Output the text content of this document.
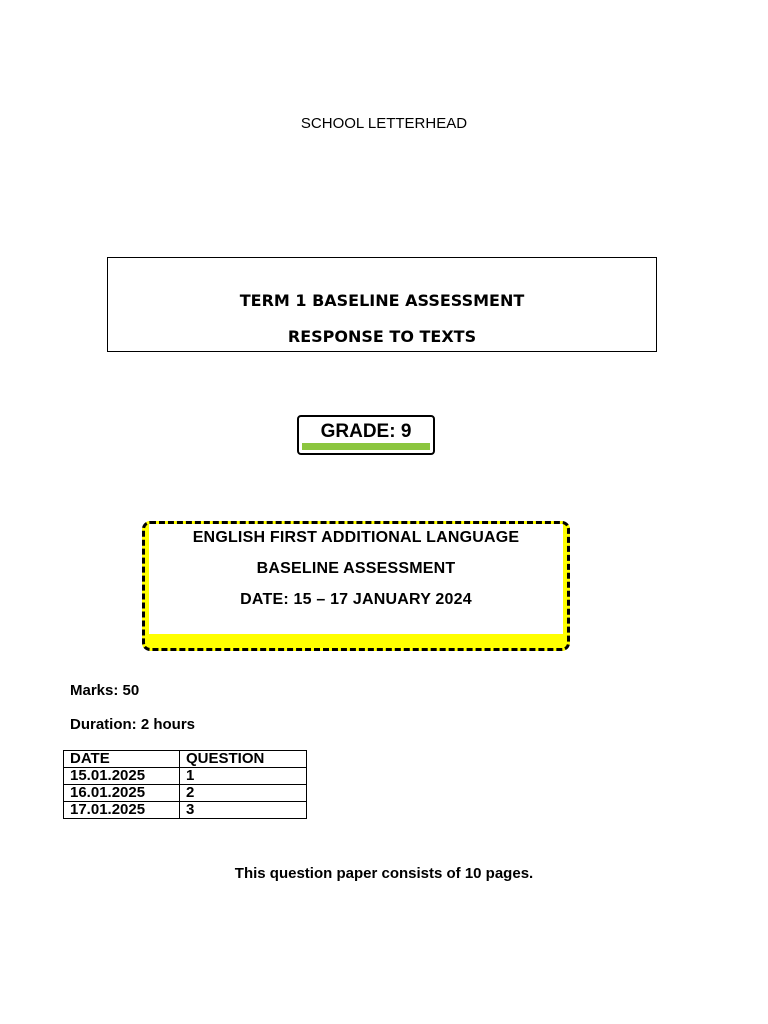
SCHOOL LETTERHEAD
TERM 1 BASELINE ASSESSMENT
RESPONSE TO TEXTS
GRADE: 9
ENGLISH FIRST ADDITIONAL LANGUAGE
BASELINE ASSESSMENT
DATE: 15 – 17 JANUARY 2024
Marks: 50
Duration: 2 hours
DATE	QUESTION
15.01.2025	1
16.01.2025	2
17.01.2025	3
This question paper consists of 10 pages.
